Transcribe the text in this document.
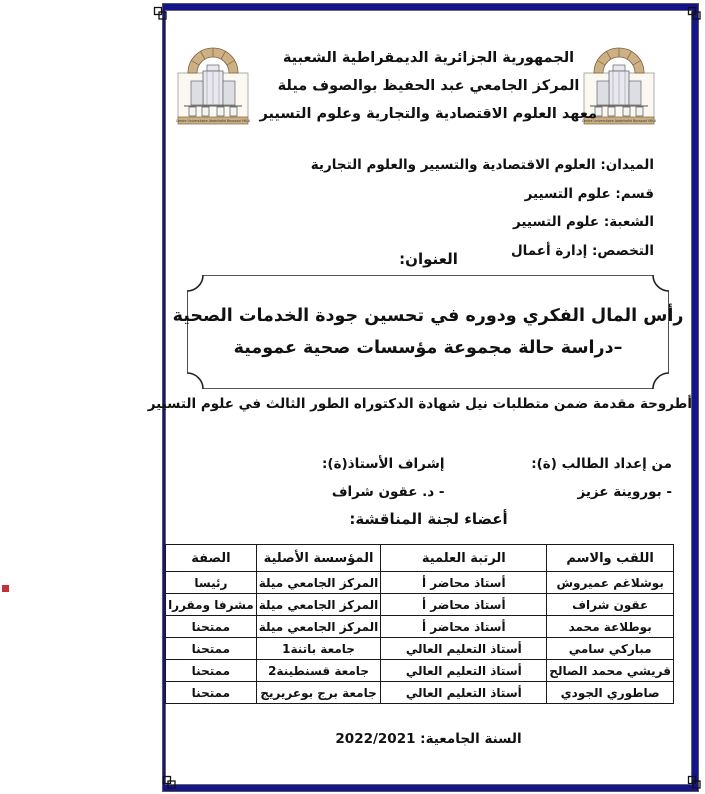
Centre Universitaire Abdelhafid Boussouf MILA	Centre Universitaire Abdelhafid Boussouf MILA
الجمهورية الجزائرية الديمقراطية الشعبية
المركز الجامعي عبد الحفيظ بوالصوف ميلة
معهد العلوم الاقتصادية والتجارية وعلوم التسيير
الميدان: العلوم الاقتصادية والتسيير والعلوم التجارية
قسم: علوم التسيير
الشعبة: علوم التسيير
التخصص: إدارة أعمال
العنوان:
رأس المال الفكري ودوره في تحسين جودة الخدمات الصحية
–دراسة حالة مجموعة مؤسسات صحية عمومية
أطروحة مقدمة ضمن متطلبات نيل شهادة الدكتوراه الطور الثالث في علوم التسيير
من إعداد الطالب (ة):
- بوروينة عزيز
إشراف الأستاذ(ة):
- د. عقون شراف
أعضاء لجنة المناقشة:
اللقب والاسم	الرتبة العلمية	المؤسسة الأصلية	الصفة
بوشلاغم عميروش	أستاذ محاضر أ	المركز الجامعي ميلة	رئيسا
عقون شراف	أستاذ محاضر أ	المركز الجامعي ميلة	مشرفا ومقررا
بوطلاعة محمد	أستاذ محاضر أ	المركز الجامعي ميلة	ممتحنا
مباركي سامي	أستاذ التعليم العالي	جامعة باتنة1	ممتحنا
قريشي محمد الصالح	أستاذ التعليم العالي	جامعة قسنطينة2	ممتحنا
صاطوري الجودي	أستاذ التعليم العالي	جامعة برج بوعريريج	ممتحنا
السنة الجامعية: 2022/2021
